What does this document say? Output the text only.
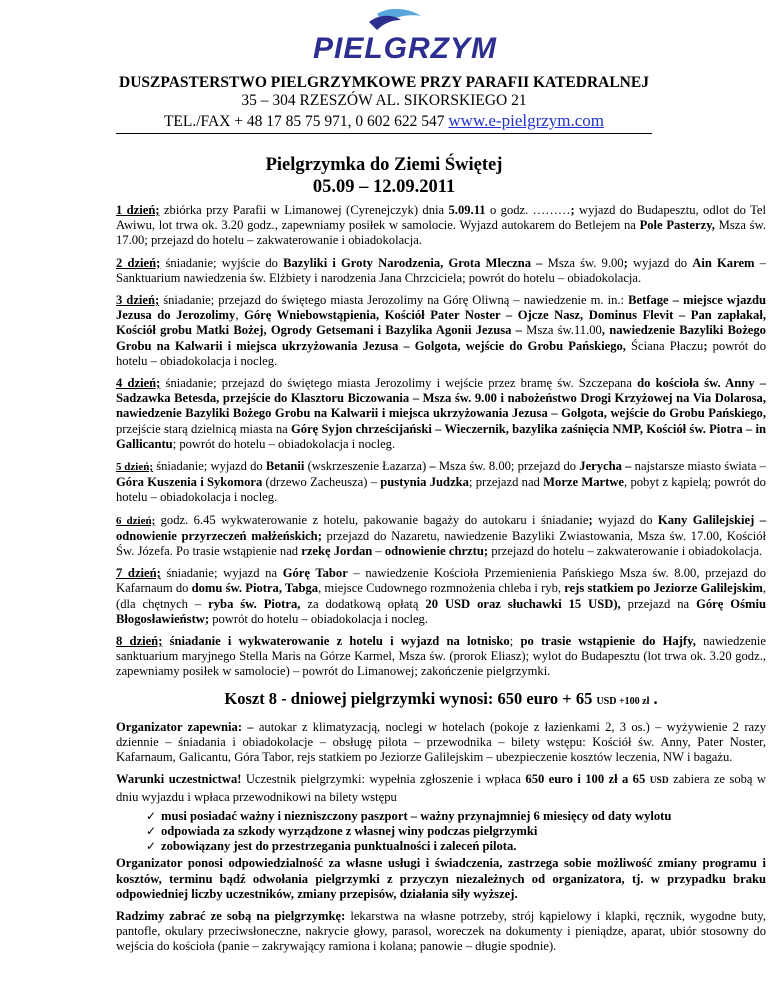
PIELGRZYM
DUSZPASTERSTWO PIELGRZYMKOWE PRZY PARAFII KATEDRALNEJ
35 – 304 RZESZÓW AL. SIKORSKIEGO 21
TEL./FAX + 48 17 85 75 971, 0 602 622 547 www.e-pielgrzym.com
Pielgrzymka do Ziemi Świętej
05.09 – 12.09.2011

1 dzień; zbiórka przy Parafii w Limanowej (Cyrenejczyk) dnia 5.09.11 o godz. ………; wyjazd do Budapesztu, odlot do Tel Awiwu, lot trwa ok. 3.20 godz., zapewniamy posiłek w samolocie. Wyjazd autokarem do Betlejem na Pole Pasterzy, Msza św. 17.00; przejazd do hotelu – zakwaterowanie i obiadokolacja.

2 dzień; śniadanie; wyjście do Bazyliki i Groty Narodzenia, Grota Mleczna – Msza św. 9.00; wyjazd do Ain Karem – Sanktuarium nawiedzenia św. Elżbiety i narodzenia Jana Chrzciciela; powrót do hotelu – obiadokolacja.

3 dzień; śniadanie; przejazd do świętego miasta Jerozolimy na Górę Oliwną – nawiedzenie m. in.: Betfage – miejsce wjazdu Jezusa do Jerozolimy, Górę Wniebowstąpienia, Kościół Pater Noster – Ojcze Nasz, Dominus Flevit – Pan zapłakał, Kościół grobu Matki Bożej, Ogrody Getsemani i Bazylika Agonii Jezusa – Msza św.11.00, nawiedzenie Bazyliki Bożego Grobu na Kalwarii i miejsca ukrzyżowania Jezusa – Golgota, wejście do Grobu Pańskiego, Ściana Płaczu; powrót do hotelu – obiadokolacja i nocleg.

4 dzień; śniadanie; przejazd do świętego miasta Jerozolimy i wejście przez bramę św. Szczepana do kościoła św. Anny – Sadzawka Betesda, przejście do Klasztoru Biczowania – Msza św. 9.00 i nabożeństwo Drogi Krzyżowej na Via Dolarosa, nawiedzenie Bazyliki Bożego Grobu na Kalwarii i miejsca ukrzyżowania Jezusa – Golgota, wejście do Grobu Pańskiego, przejście starą dzielnicą miasta na Górę Syjon chrześcijański – Wieczernik, bazylika zaśnięcia NMP, Kościół św. Piotra – in Gallicantu; powrót do hotelu – obiadokolacja i nocleg.

5 dzień; śniadanie; wyjazd do Betanii (wskrzeszenie Łazarza) – Msza św. 8.00; przejazd do Jerycha – najstarsze miasto świata – Góra Kuszenia i Sykomora (drzewo Zacheusza) – pustynia Judzka; przejazd nad Morze Martwe, pobyt z kąpielą; powrót do hotelu – obiadokolacja i nocleg.

6 dzień; godz. 6.45 wykwaterowanie z hotelu, pakowanie bagaży do autokaru i śniadanie; wyjazd do Kany Galilejskiej – odnowienie przyrzeczeń małżeńskich; przejazd do Nazaretu, nawiedzenie Bazyliki Zwiastowania, Msza św. 17.00, Kościół Św. Józefa. Po trasie wstąpienie nad rzekę Jordan – odnowienie chrztu; przejazd do hotelu – zakwaterowanie i obiadokolacja.

7 dzień; śniadanie; wyjazd na Górę Tabor – nawiedzenie Kościoła Przemienienia Pańskiego Msza św. 8.00, przejazd do Kafarnaum do domu św. Piotra, Tabga, miejsce Cudownego rozmnożenia chleba i ryb, rejs statkiem po Jeziorze Galilejskim, (dla chętnych – ryba św. Piotra, za dodatkową opłatą 20 USD oraz słuchawki 15 USD), przejazd na Górę Ośmiu Błogosławieństw; powrót do hotelu – obiadokolacja i nocleg.

8 dzień; śniadanie i wykwaterowanie z hotelu i wyjazd na lotnisko; po trasie wstąpienie do Hajfy, nawiedzenie sanktuarium maryjnego Stella Maris na Górze Karmel, Msza św. (prorok Eliasz); wylot do Budapesztu (lot trwa ok. 3.20 godz., zapewniamy posiłek w samolocie) – powrót do Limanowej; zakończenie pielgrzymki.

Koszt 8 - dniowej pielgrzymki wynosi: 650 euro + 65 USD +100 zł .

Organizator zapewnia: – autokar z klimatyzacją, noclegi w hotelach (pokoje z łazienkami 2, 3 os.) – wyżywienie 2 razy dziennie – śniadania i obiadokolacje – obsługę pilota – przewodnika – bilety wstępu: Kościół św. Anny, Pater Noster, Kafarnaum, Galicantu, Góra Tabor, rejs statkiem po Jeziorze Galilejskim – ubezpieczenie kosztów leczenia, NW i bagażu.

Warunki uczestnictwa! Uczestnik pielgrzymki: wypełnia zgłoszenie i wpłaca 650 euro i 100 zł a 65 USD zabiera ze sobą w dniu wyjazdu i wpłaca przewodnikowi na bilety wstępu

✓ musi posiadać ważny i niezniszczony paszport – ważny przynajmniej 6 miesięcy od daty wylotu
✓ odpowiada za szkody wyrządzone z własnej winy podczas pielgrzymki
✓ zobowiązany jest do przestrzegania punktualności i zaleceń pilota.

Organizator ponosi odpowiedzialność za własne usługi i świadczenia, zastrzega sobie możliwość zmiany programu i kosztów, terminu bądź odwołania pielgrzymki z przyczyn niezależnych od organizatora, tj. w przypadku braku odpowiedniej liczby uczestników, zmiany przepisów, działania siły wyższej.

Radzimy zabrać ze sobą na pielgrzymkę: lekarstwa na własne potrzeby, strój kąpielowy i klapki, ręcznik, wygodne buty, pantofle, okulary przeciwsłoneczne, nakrycie głowy, parasol, woreczek na dokumenty i pieniądze, aparat, ubiór stosowny do wejścia do kościoła (panie – zakrywający ramiona i kolana; panowie – długie spodnie).
